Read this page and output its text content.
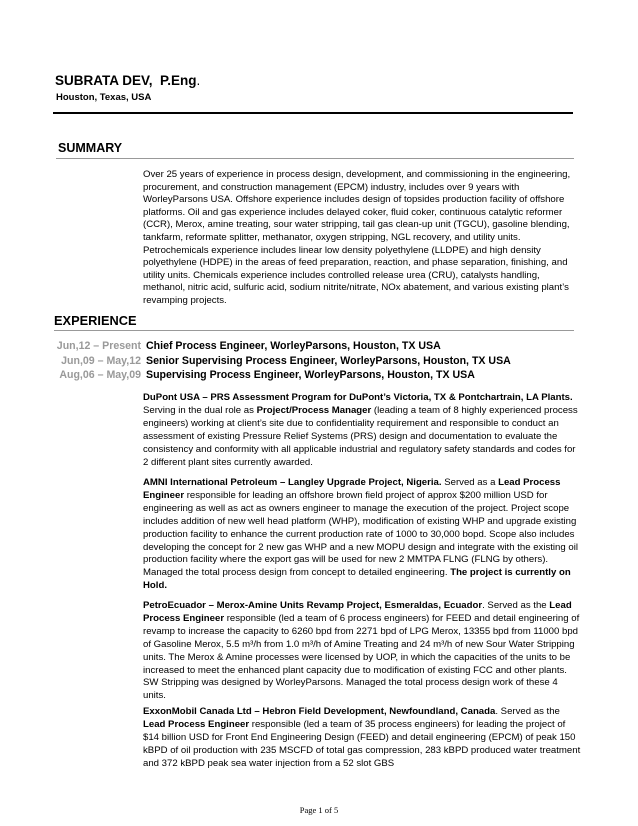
SUBRATA DEV, P.Eng.
Houston, Texas, USA
SUMMARY
Over 25 years of experience in process design, development, and commissioning in the engineering, procurement, and construction management (EPCM) industry, includes over 9 years with WorleyParsons USA. Offshore experience includes design of topsides production facility of offshore platforms. Oil and gas experience includes delayed coker, fluid coker, continuous catalytic reformer (CCR), Merox, amine treating, sour water stripping, tail gas clean-up unit (TGCU), gasoline blending, tankfarm, reformate splitter, methanator, oxygen stripping, NGL recovery, and utility units. Petrochemicals experience includes linear low density polyethylene (LLDPE) and high density polyethylene (HDPE) in the areas of feed preparation, reaction, and phase separation, finishing, and utility units. Chemicals experience includes controlled release urea (CRU), catalysts handling, methanol, nitric acid, sulfuric acid, sodium nitrite/nitrate, NOx abatement, and various existing plant’s revamping projects.
EXPERIENCE
Jun,12 – Present Chief Process Engineer, WorleyParsons, Houston, TX USA
Jun,09 – May,12 Senior Supervising Process Engineer, WorleyParsons, Houston, TX USA
Aug,06 – May,09 Supervising Process Engineer, WorleyParsons, Houston, TX USA
DuPont USA – PRS Assessment Program for DuPont’s Victoria, TX & Pontchartrain, LA Plants. Serving in the dual role as Project/Process Manager (leading a team of 8 highly experienced process engineers) working at client’s site due to confidentiality requirement and responsible to conduct an assessment of existing Pressure Relief Systems (PRS) design and documentation to evaluate the consistency and conformity with all applicable industrial and regulatory safety standards and codes for 2 different plant sites currently awarded.
AMNI International Petroleum – Langley Upgrade Project, Nigeria. Served as a Lead Process Engineer responsible for leading an offshore brown field project of approx $200 million USD for engineering as well as act as owners engineer to manage the execution of the project. Project scope includes addition of new well head platform (WHP), modification of existing WHP and upgrade existing production facility to enhance the current production rate of 1000 to 30,000 bopd. Scope also includes developing the concept for 2 new gas WHP and a new MOPU design and integrate with the existing oil production facility where the export gas will be used for new 2 MMTPA FLNG (FLNG by others). Managed the total process design from concept to detailed engineering. The project is currently on Hold.
PetroEcuador – Merox-Amine Units Revamp Project, Esmeraldas, Ecuador. Served as the Lead Process Engineer responsible (led a team of 6 process engineers) for FEED and detail engineering of revamp to increase the capacity to 6260 bpd from 2271 bpd of LPG Merox, 13355 bpd from 11000 bpd of Gasoline Merox, 5.5 m³/h from 1.0 m³/h of Amine Treating and 24 m³/h of new Sour Water Stripping units. The Merox & Amine processes were licensed by UOP, in which the capacities of the units to be increased to meet the enhanced plant capacity due to modification of existing FCC and other plants. SW Stripping was designed by WorleyParsons. Managed the total process design work of these 4 units.
ExxonMobil Canada Ltd – Hebron Field Development, Newfoundland, Canada. Served as the Lead Process Engineer responsible (led a team of 35 process engineers) for leading the project of $14 billion USD for Front End Engineering Design (FEED) and detail engineering (EPCM) of peak 150 kBPD of oil production with 235 MSCFD of total gas compression, 283 kBPD produced water treatment and 372 kBPD peak sea water injection from a 52 slot GBS
Page 1 of 5
